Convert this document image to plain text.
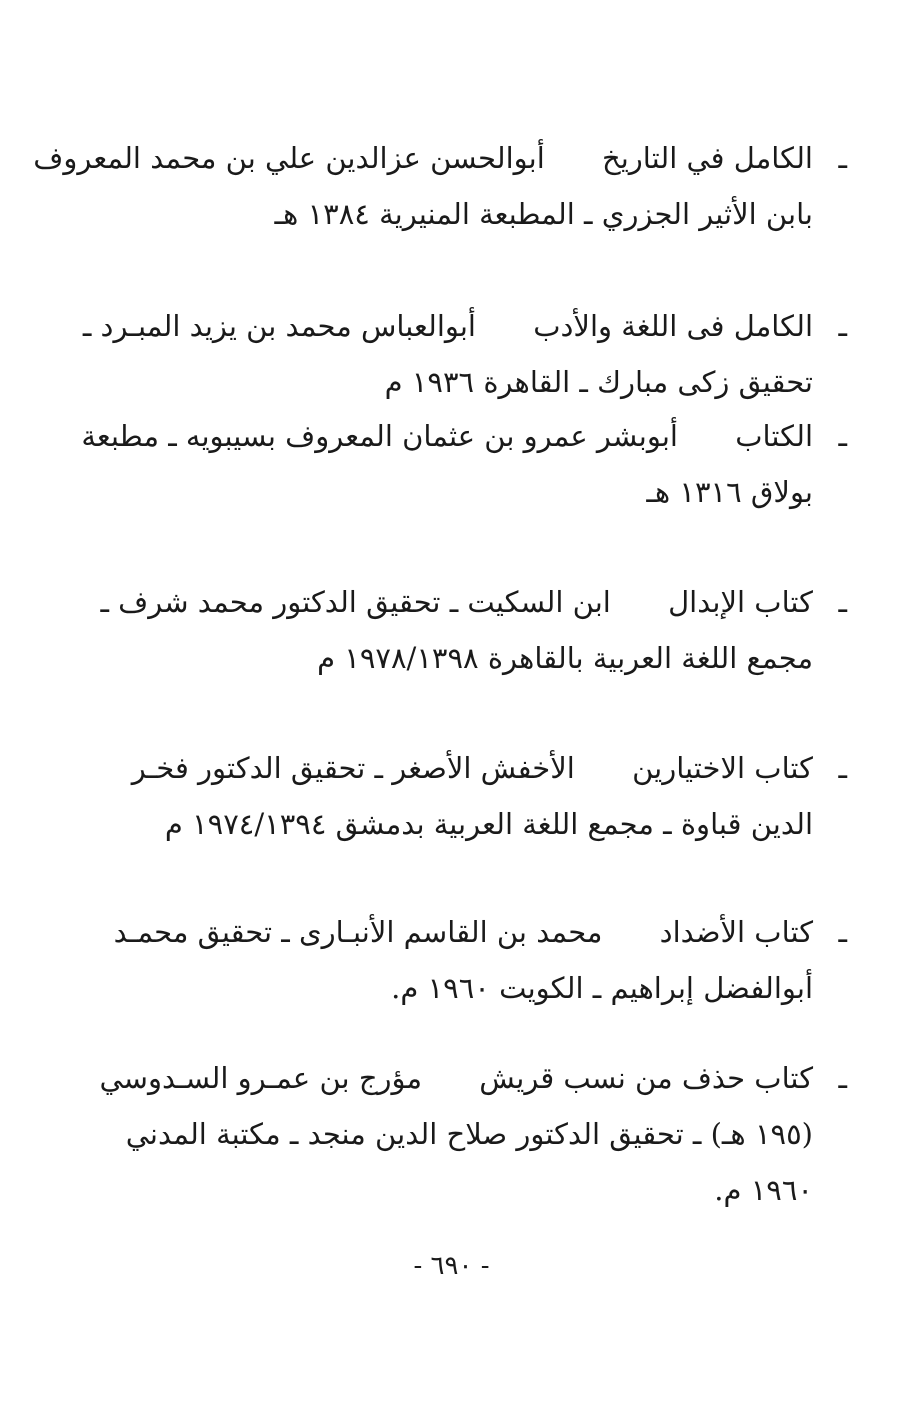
ـ
الكامل في التاريخ أبوالحسن عزالدين علي بن محمد المعروف
بابن الأثير الجزري ـ المطبعة المنيرية ١٣٨٤ هـ
ـ
الكامل فى اللغة والأدب أبوالعباس محمد بن يزيد المبـرد ـ
تحقيق زكى مبارك ـ القاهرة ١٩٣٦ م
ـ
الكتاب أبوبشر عمرو بن عثمان المعروف بسيبويه ـ مطبعة
بولاق ١٣١٦ هـ
ـ
كتاب الإبدال ابن السكيت ـ تحقيق الدكتور محمد شرف ـ
مجمع اللغة العربية بالقاهرة ١٩٧٨/١٣٩٨ م
ـ
كتاب الاختيارين الأخفش الأصغر ـ تحقيق الدكتور فخـر
الدين قباوة ـ مجمع اللغة العربية بدمشق ١٩٧٤/١٣٩٤ م
ـ
كتاب الأضداد محمد بن القاسم الأنبـارى ـ تحقيق محمـد
أبوالفضل إبراهيم ـ الكويت ١٩٦٠ م.
ـ
كتاب حذف من نسب قريش مؤرج بن عمـرو السـدوسي
(١٩٥ هـ) ـ تحقيق الدكتور صلاح الدين منجد ـ مكتبة المدني
١٩٦٠ م.
- ٦٩٠ -
